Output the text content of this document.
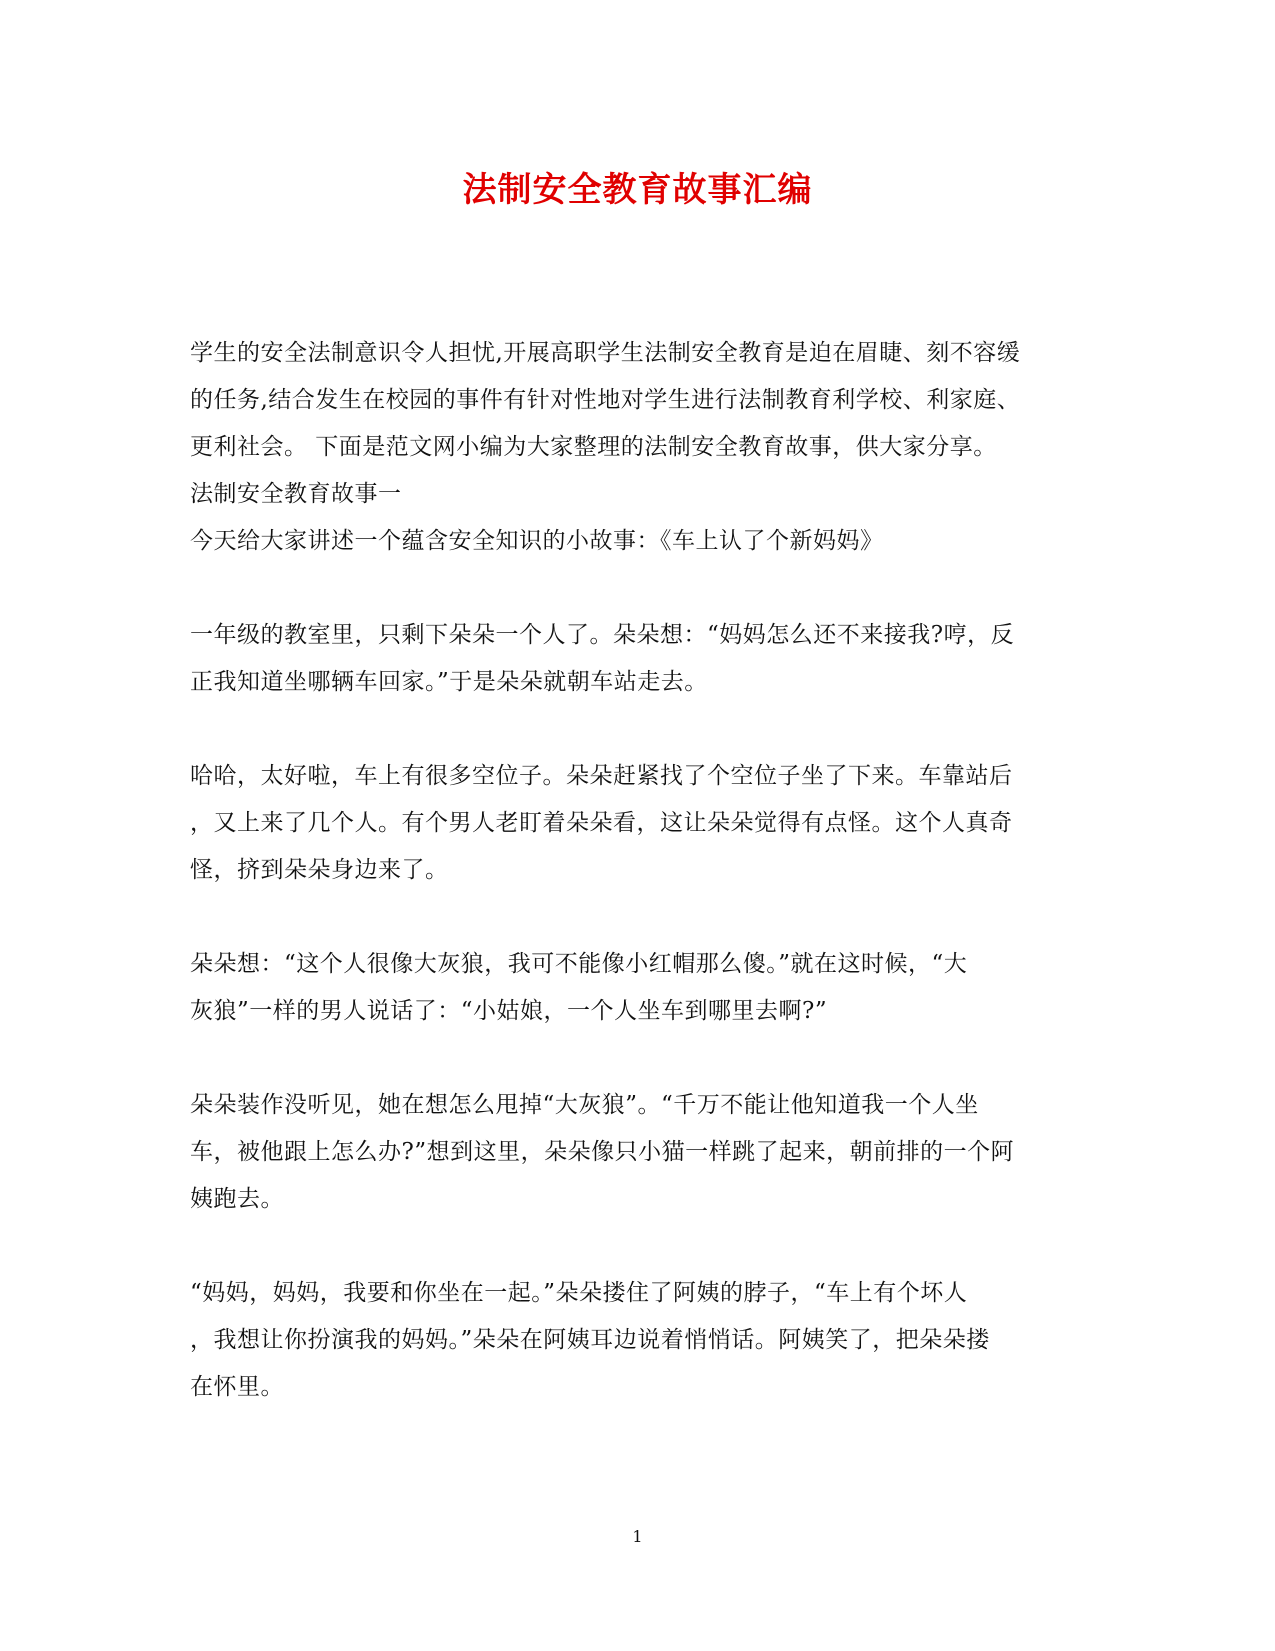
法制安全教育故事汇编
学生的安全法制意识令人担忧,开展高职学生法制安全教育是迫在眉睫、刻不容缓
的任务,结合发生在校园的事件有针对性地对学生进行法制教育利学校、利家庭、
更利社会。 下面是范文网小编为大家整理的法制安全教育故事，供大家分享。
法制安全教育故事一
今天给大家讲述一个蕴含安全知识的小故事：《车上认了个新妈妈》
一年级的教室里，只剩下朵朵一个人了。朵朵想：“妈妈怎么还不来接我?哼，反
正我知道坐哪辆车回家。”于是朵朵就朝车站走去。
哈哈，太好啦，车上有很多空位子。朵朵赶紧找了个空位子坐了下来。车靠站后
，又上来了几个人。有个男人老盯着朵朵看，这让朵朵觉得有点怪。这个人真奇
怪，挤到朵朵身边来了。
朵朵想：“这个人很像大灰狼，我可不能像小红帽那么傻。”就在这时候，“大
灰狼”一样的男人说话了：“小姑娘，一个人坐车到哪里去啊?”
朵朵装作没听见，她在想怎么甩掉“大灰狼”。“千万不能让他知道我一个人坐
车，被他跟上怎么办?”想到这里，朵朵像只小猫一样跳了起来，朝前排的一个阿
姨跑去。
“妈妈，妈妈，我要和你坐在一起。”朵朵搂住了阿姨的脖子，“车上有个坏人
，我想让你扮演我的妈妈。”朵朵在阿姨耳边说着悄悄话。阿姨笑了，把朵朵搂
在怀里。
1
